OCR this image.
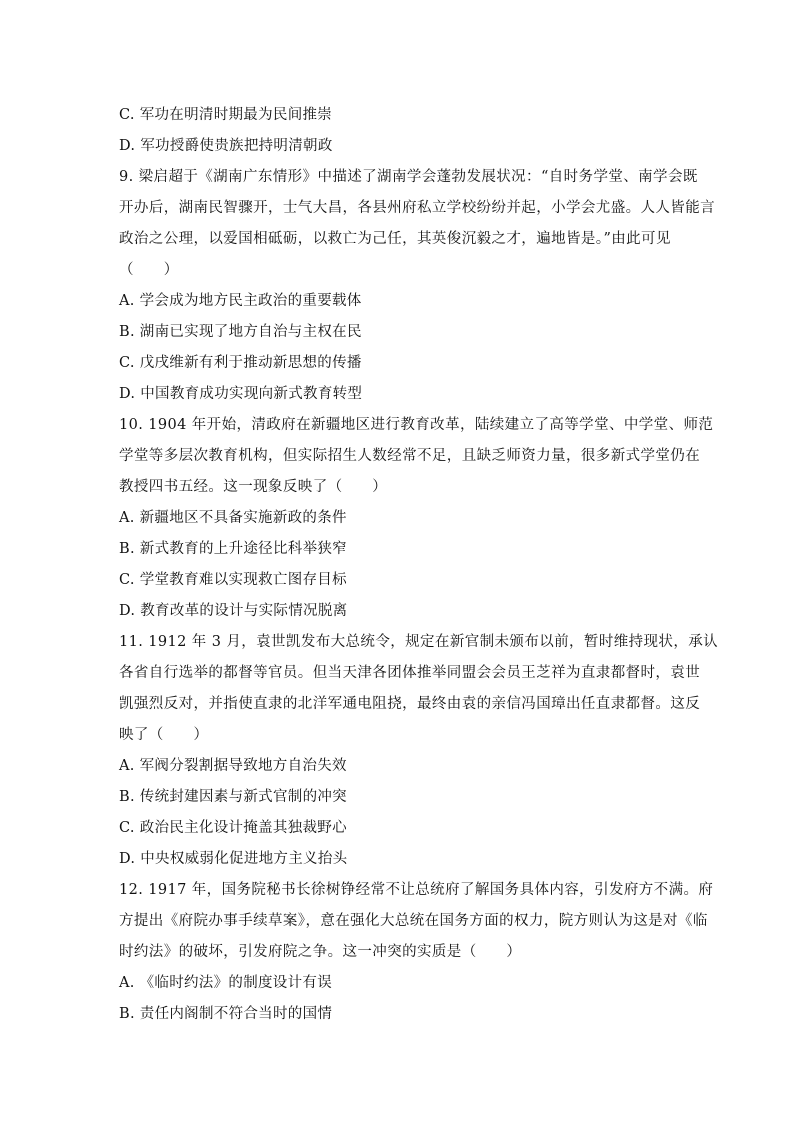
C. 军功在明清时期最为民间推崇
D. 军功授爵使贵族把持明清朝政
9. 梁启超于《湖南广东情形》中描述了湖南学会蓬勃发展状况：“自时务学堂、南学会既
开办后，湖南民智骤开，士气大昌，各县州府私立学校纷纷并起，小学会尤盛。人人皆能言
政治之公理，以爱国相砥砺，以救亡为己任，其英俊沉毅之才，遍地皆是。”由此可见
（　　）
A. 学会成为地方民主政治的重要载体
B. 湖南已实现了地方自治与主权在民
C. 戊戌维新有利于推动新思想的传播
D. 中国教育成功实现向新式教育转型
10. 1904 年开始，清政府在新疆地区进行教育改革，陆续建立了高等学堂、中学堂、师范
学堂等多层次教育机构，但实际招生人数经常不足，且缺乏师资力量，很多新式学堂仍在
教授四书五经。这一现象反映了（　　）
A. 新疆地区不具备实施新政的条件
B. 新式教育的上升途径比科举狭窄
C. 学堂教育难以实现救亡图存目标
D. 教育改革的设计与实际情况脱离
11. 1912 年 3 月，袁世凯发布大总统令，规定在新官制未颁布以前，暂时维持现状，承认
各省自行选举的都督等官员。但当天津各团体推举同盟会会员王芝祥为直隶都督时，袁世
凯强烈反对，并指使直隶的北洋军通电阻挠，最终由袁的亲信冯国璋出任直隶都督。这反
映了（　　）
A. 军阀分裂割据导致地方自治失效
B. 传统封建因素与新式官制的冲突
C. 政治民主化设计掩盖其独裁野心
D. 中央权威弱化促进地方主义抬头
12. 1917 年，国务院秘书长徐树铮经常不让总统府了解国务具体内容，引发府方不满。府
方提出《府院办事手续草案》，意在强化大总统在国务方面的权力，院方则认为这是对《临
时约法》的破坏，引发府院之争。这一冲突的实质是（　　）
A. 《临时约法》的制度设计有误
B. 责任内阁制不符合当时的国情
